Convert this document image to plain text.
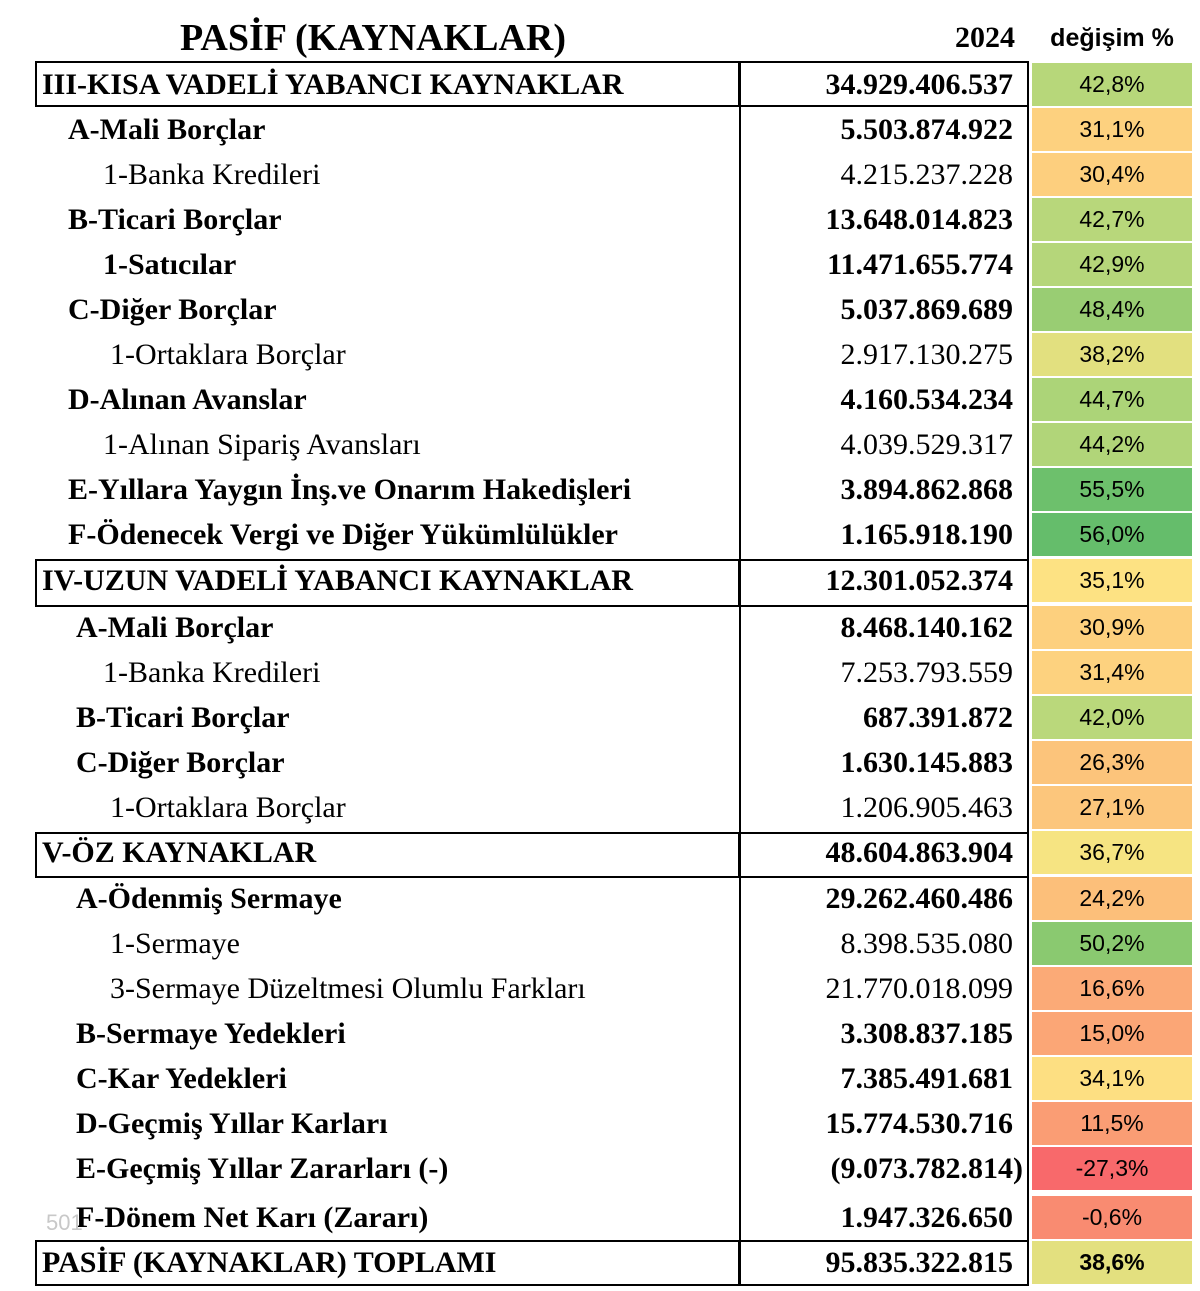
PASİF (KAYNAKLAR)	2024	değişim %
III-KISA VADELİ YABANCI KAYNAKLAR	34.929.406.537	42,8%
A-Mali Borçlar	5.503.874.922	31,1%
1-Banka Kredileri	4.215.237.228	30,4%
B-Ticari Borçlar	13.648.014.823	42,7%
1-Satıcılar	11.471.655.774	42,9%
C-Diğer Borçlar	5.037.869.689	48,4%
1-Ortaklara Borçlar	2.917.130.275	38,2%
D-Alınan Avanslar	4.160.534.234	44,7%
1-Alınan Sipariş Avansları	4.039.529.317	44,2%
E-Yıllara Yaygın İnş.ve Onarım Hakedişleri	3.894.862.868	55,5%
F-Ödenecek Vergi ve Diğer Yükümlülükler	1.165.918.190	56,0%
IV-UZUN VADELİ YABANCI KAYNAKLAR	12.301.052.374	35,1%
A-Mali Borçlar	8.468.140.162	30,9%
1-Banka Kredileri	7.253.793.559	31,4%
B-Ticari Borçlar	687.391.872	42,0%
C-Diğer Borçlar	1.630.145.883	26,3%
1-Ortaklara Borçlar	1.206.905.463	27,1%
V-ÖZ KAYNAKLAR	48.604.863.904	36,7%
A-Ödenmiş Sermaye	29.262.460.486	24,2%
1-Sermaye	8.398.535.080	50,2%
3-Sermaye Düzeltmesi Olumlu Farkları	21.770.018.099	16,6%
B-Sermaye Yedekleri	3.308.837.185	15,0%
C-Kar Yedekleri	7.385.491.681	34,1%
D-Geçmiş Yıllar Karları	15.774.530.716	11,5%
E-Geçmiş Yıllar Zararları (-)	(9.073.782.814)	-27,3%
F-Dönem Net Karı (Zararı)	1.947.326.650	-0,6%
PASİF (KAYNAKLAR) TOPLAMI	95.835.322.815	38,6%
501
